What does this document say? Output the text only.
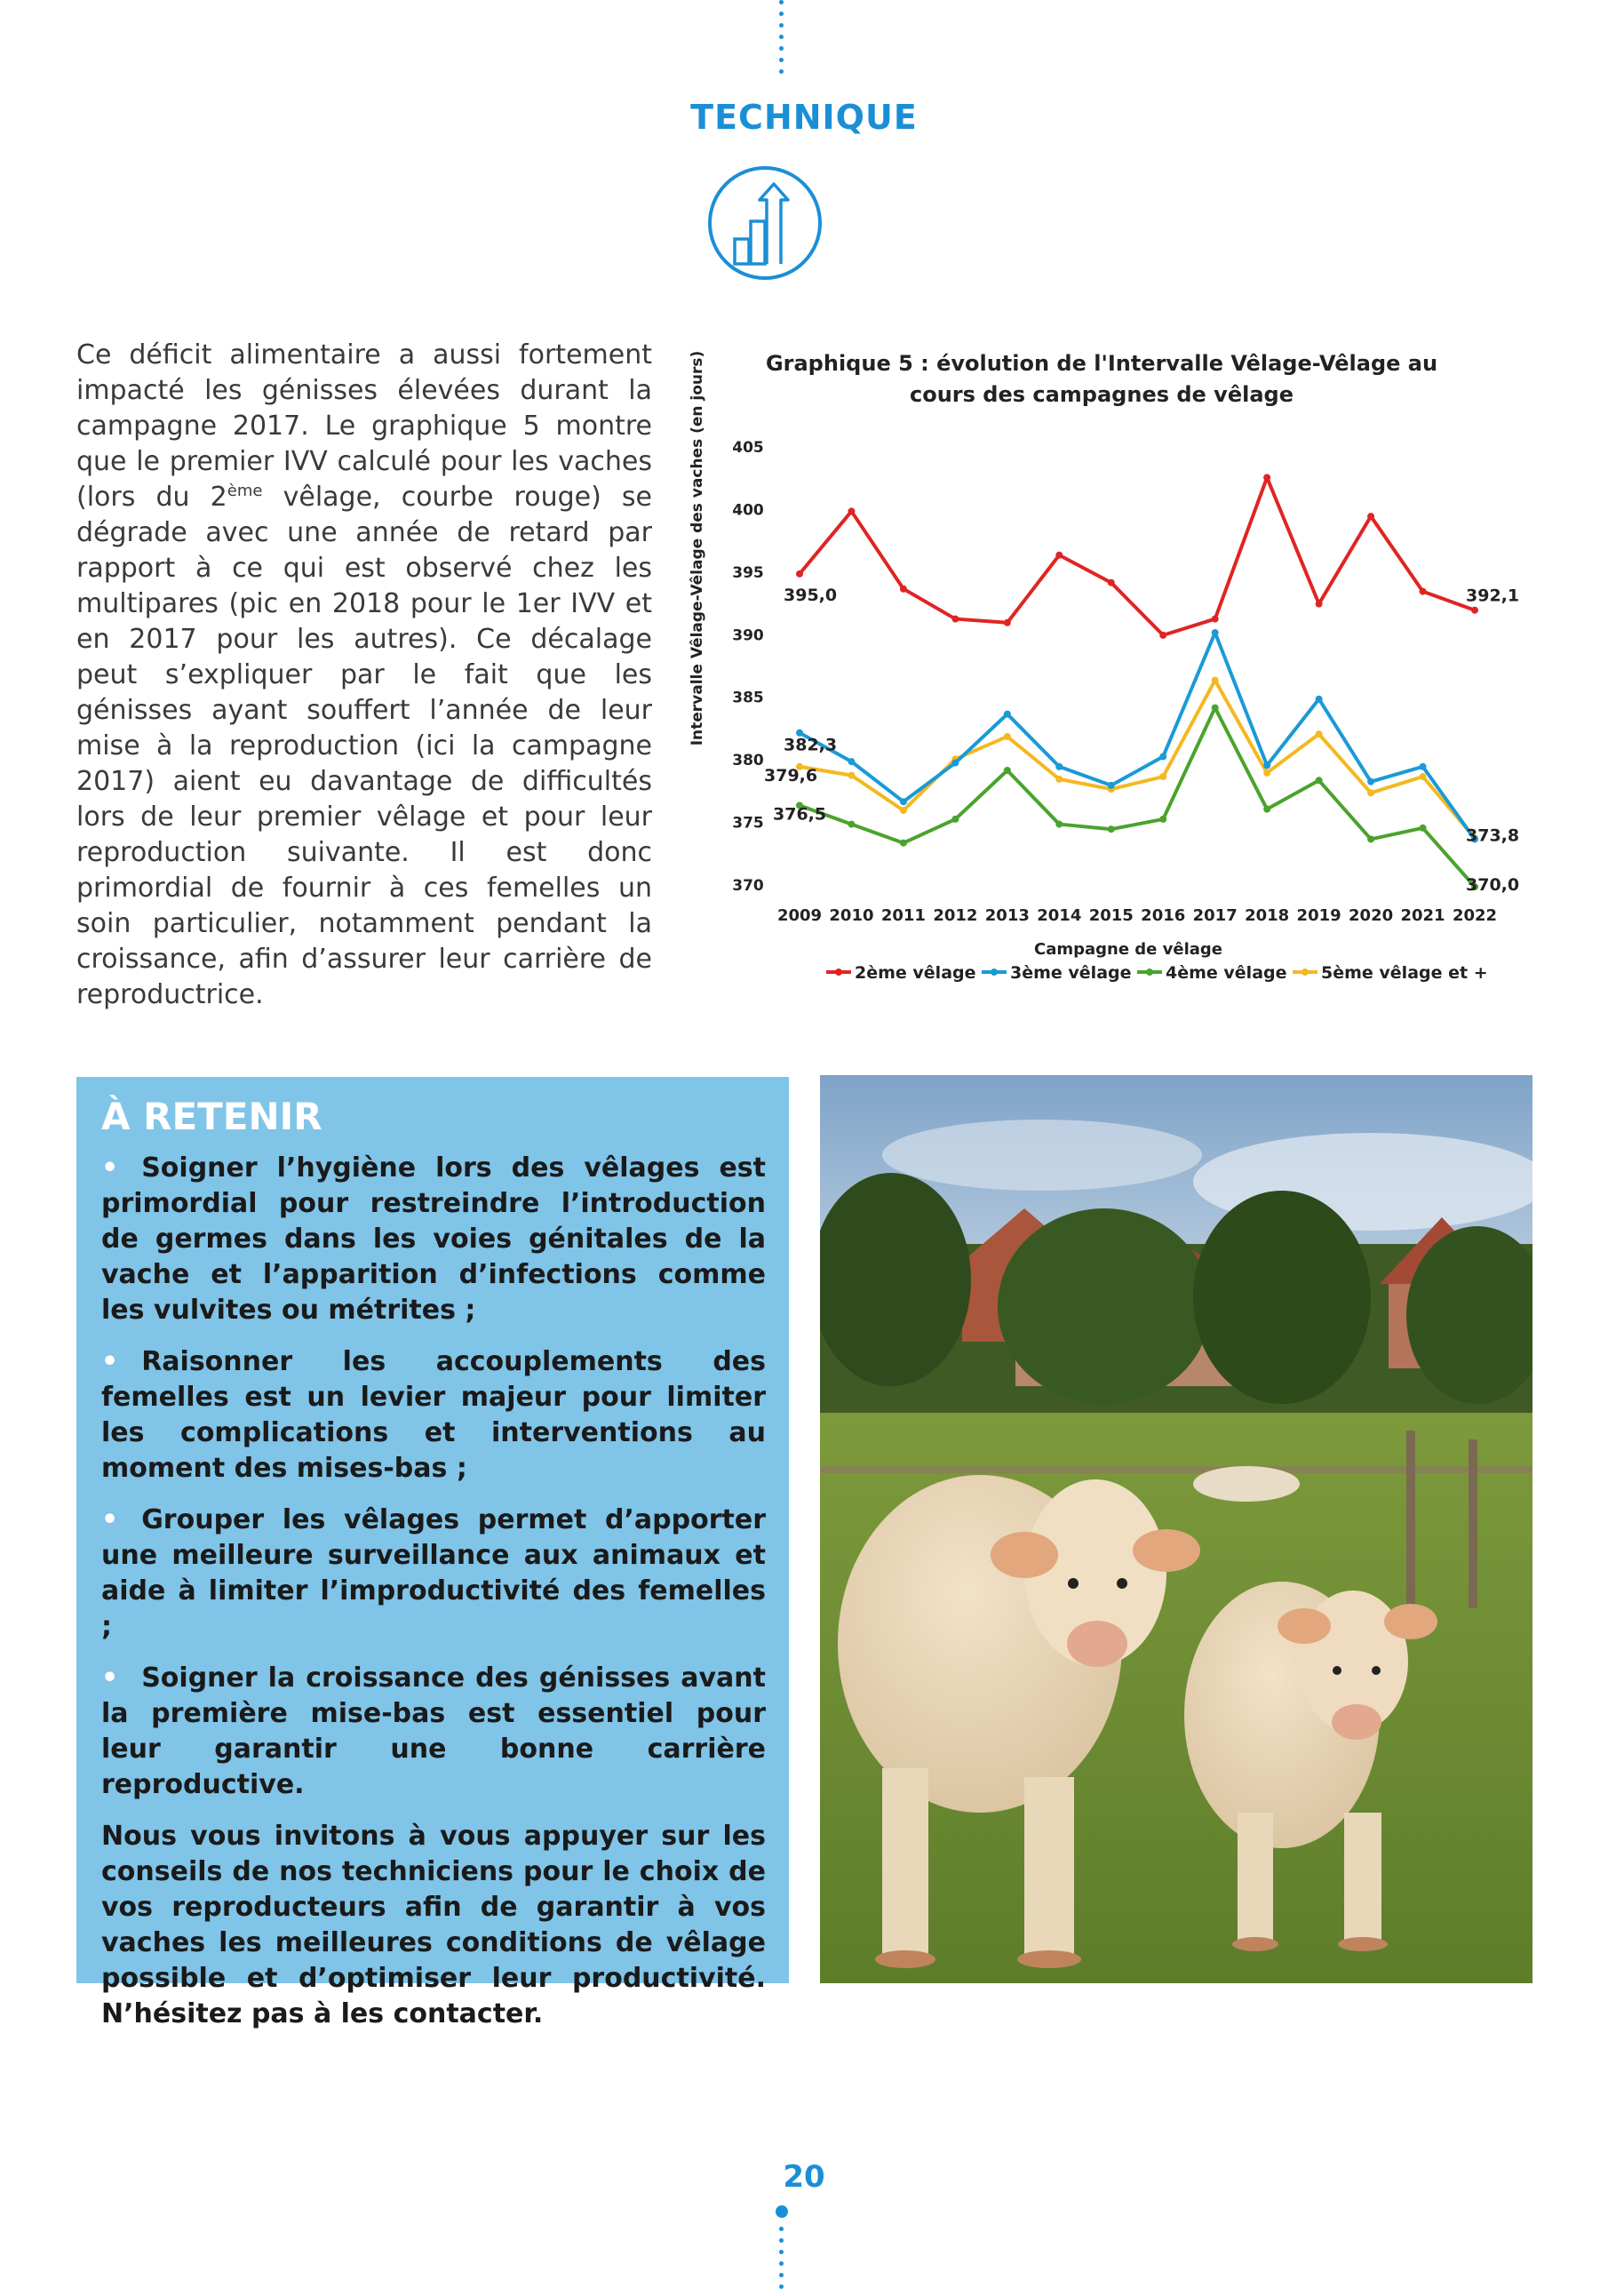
TECHNIQUE

Ce déficit alimentaire a aussi fortement impacté les génisses élevées durant la campagne 2017. Le graphique 5 montre que le premier IVV calculé pour les vaches (lors du 2ème vêlage, courbe rouge) se dégrade avec une année de retard par rapport à ce qui est observé chez les multipares (pic en 2018 pour le 1er IVV et en 2017 pour les autres). Ce décalage peut s’expliquer par le fait que les génisses ayant souffert l’année de leur mise à la reproduction (ici la campagne 2017) aient eu davantage de difficultés lors de leur premier vêlage et pour leur reproduction suivante. Il est donc primordial de fournir à ces femelles un soin particulier, notamment pendant la croissance, afin d’assurer leur carrière de reproductrice.

Graphique 5 : évolution de l'Intervalle Vêlage-Vêlage au
cours des campagnes de vêlage
Intervalle Vêlage-Vêlage des vaches (en jours)
370
375
380
385
390
395
400
405
2009 2010 2011 2012 2013 2014 2015 2016 2017 2018 2019 2020 2021 2022
395,0	392,1
382,3
373,8
376,5
370,0
379,6
Campagne de vêlage
2ème vêlage 3ème vêlage 4ème vêlage 5ème vêlage et +
À RETENIR

• Soigner l’hygiène lors des vêlages est primordial pour restreindre l’introduction de germes dans les voies génitales de la vache et l’apparition d’infections comme les vulvites ou métrites ;

• Raisonner les accouplements des femelles est un levier majeur pour limiter les complications et interventions au moment des mises-bas ;

• Grouper les vêlages permet d’apporter une meilleure surveillance aux animaux et aide à limiter l’improductivité des femelles ;

• Soigner la croissance des génisses avant la première mise-bas est essentiel pour leur garantir une bonne carrière reproductive.

Nous vous invitons à vous appuyer sur les conseils de nos techniciens pour le choix de vos reproducteurs afin de garantir à vos vaches les meilleures conditions de vêlage possible et d’optimiser leur productivité. N’hésitez pas à les contacter.

20
